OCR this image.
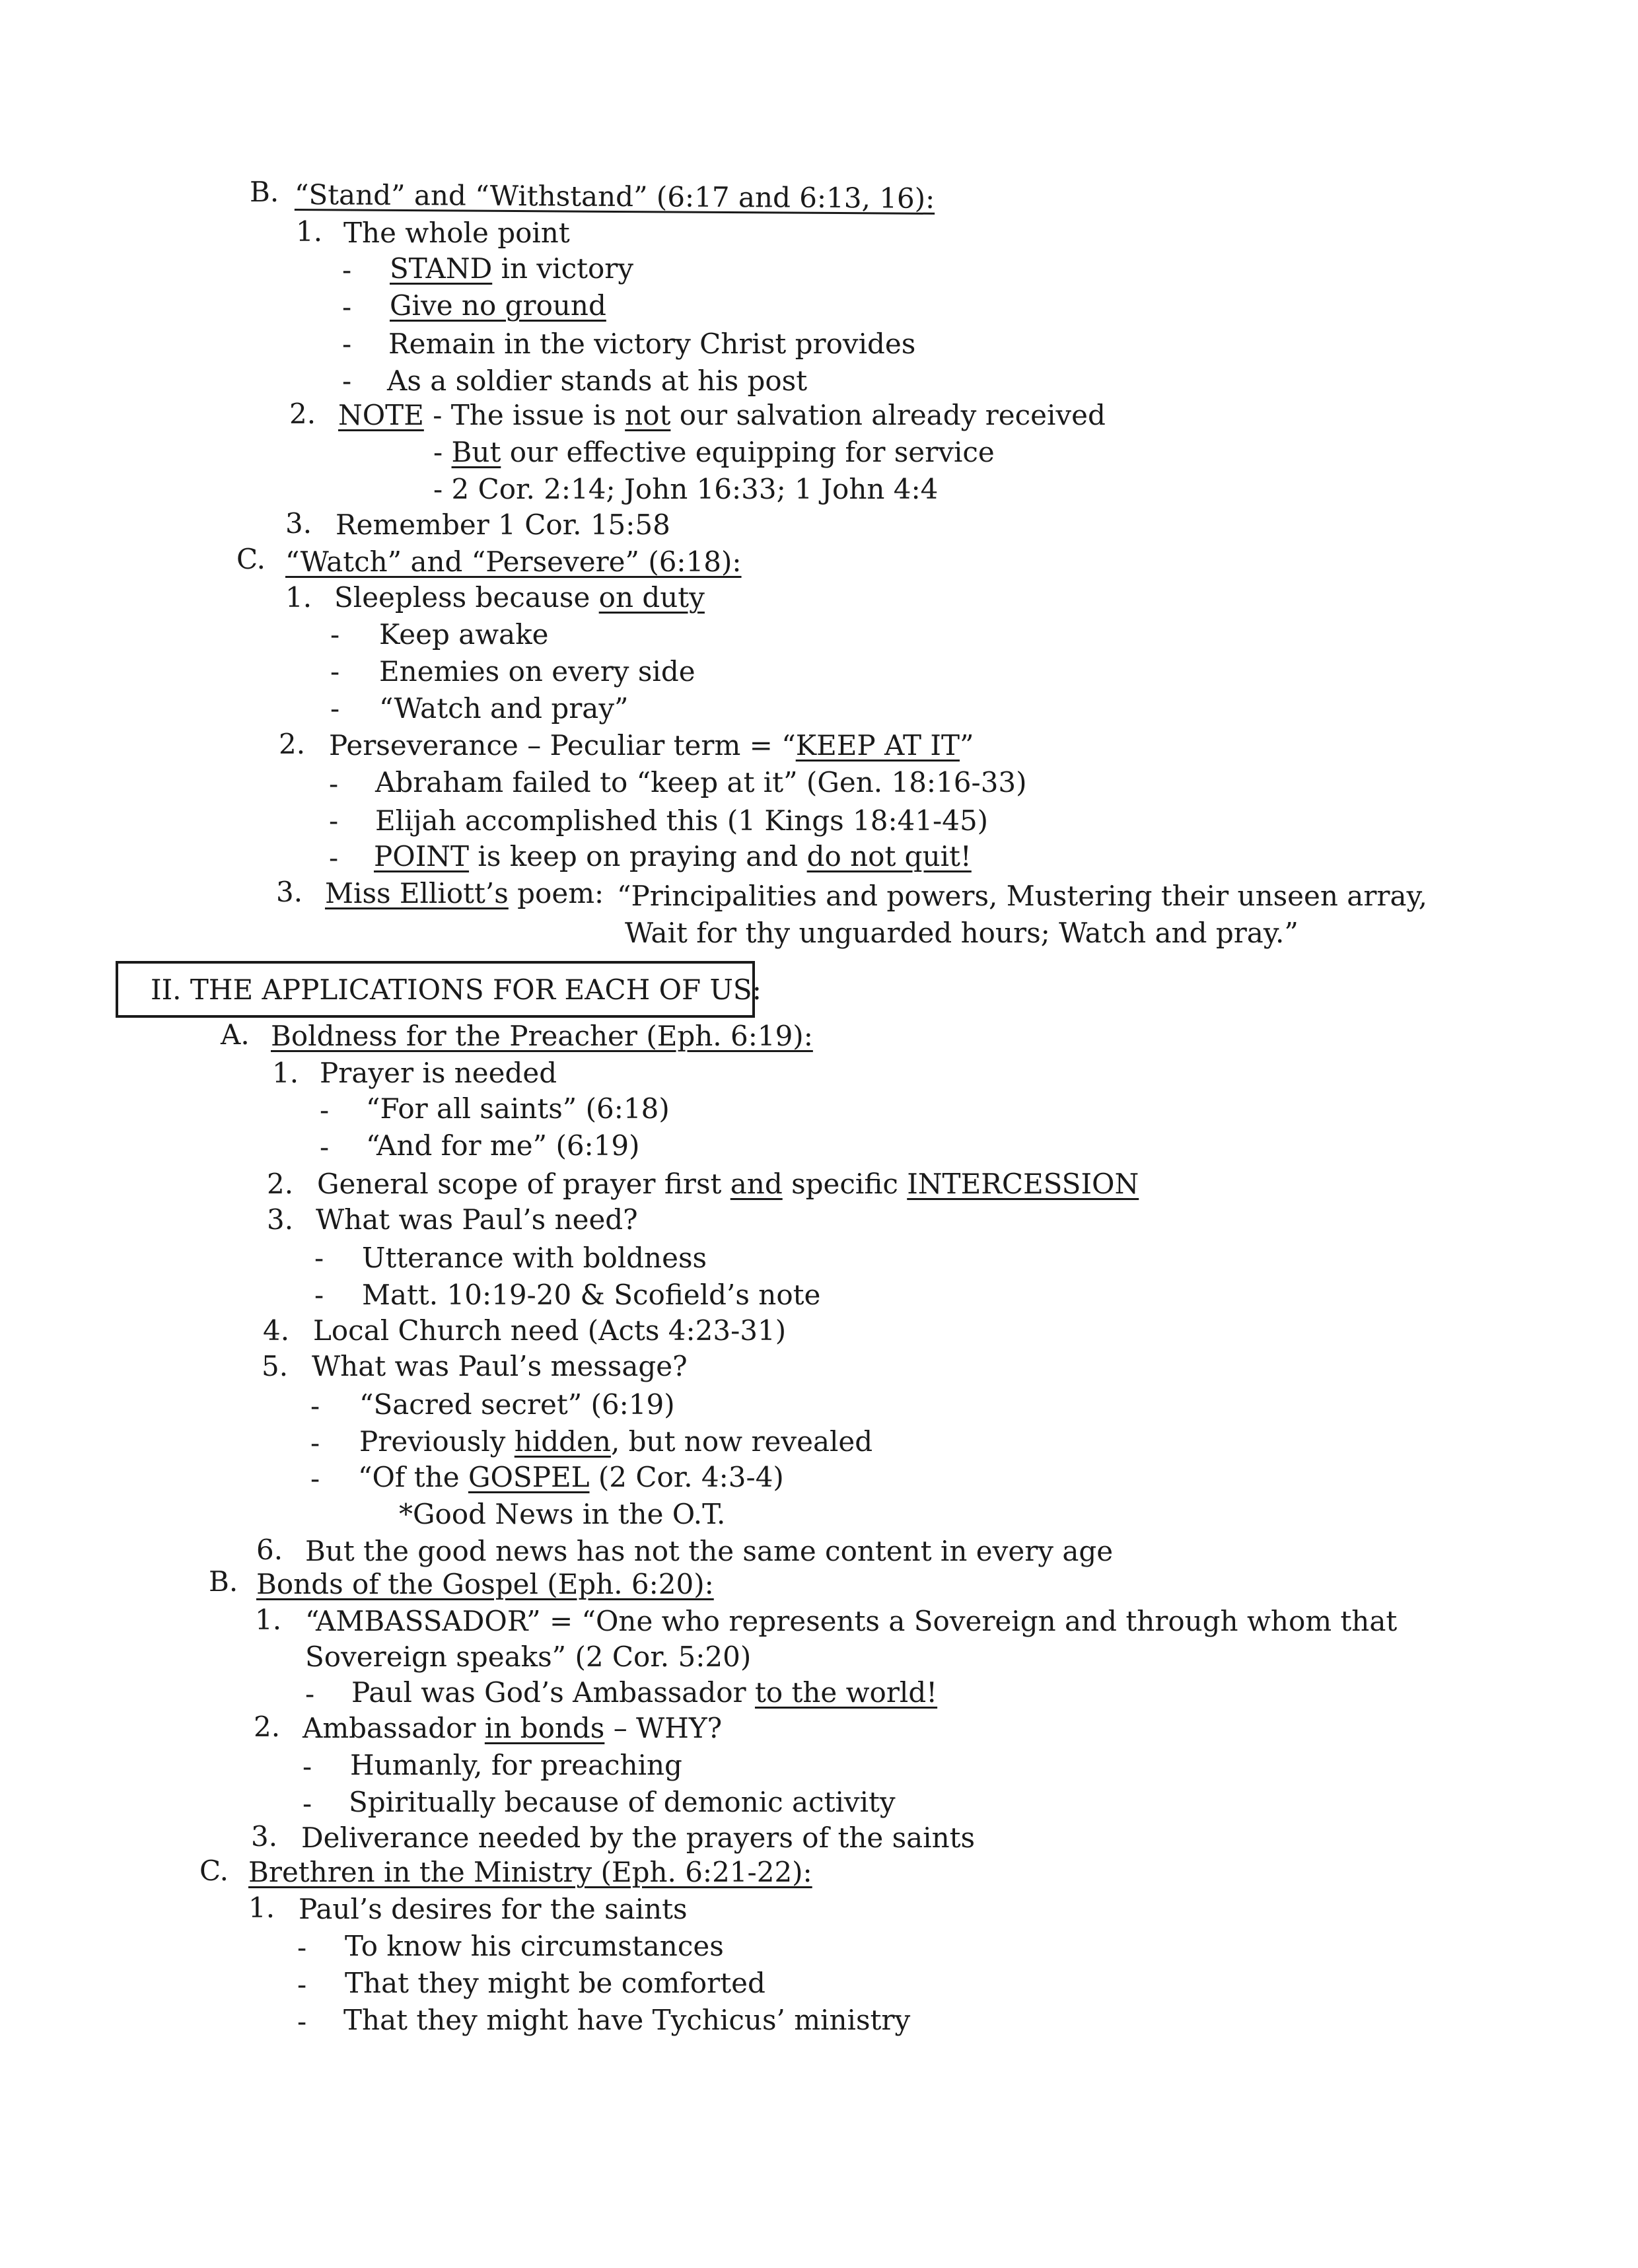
B. “Stand” and “Withstand” (6:17 and 6:13, 16):
1. The whole point
- STAND in victory
- Give no ground
- Remain in the victory Christ provides
- As a soldier stands at his post
2. NOTE - The issue is not our salvation already received
- But our effective equipping for service
- 2 Cor. 2:14; John 16:33; 1 John 4:4
3. Remember 1 Cor. 15:58
C. “Watch” and “Persevere” (6:18):
1. Sleepless because on duty
- Keep awake
- Enemies on every side
- “Watch and pray”
2. Perseverance – Peculiar term = “KEEP AT IT”
- Abraham failed to “keep at it” (Gen. 18:16-33)
- Elijah accomplished this (1 Kings 18:41-45)
- POINT is keep on praying and do not quit!
3. Miss Elliott’s poem: “Principalities and powers, Mustering their unseen array,
Wait for thy unguarded hours; Watch and pray.”
II. THE APPLICATIONS FOR EACH OF US:
A. Boldness for the Preacher (Eph. 6:19):
1. Prayer is needed
- “For all saints” (6:18)
- “And for me” (6:19)
2. General scope of prayer first and specific INTERCESSION
3. What was Paul’s need?
- Utterance with boldness
- Matt. 10:19-20 & Scofield’s note
4. Local Church need (Acts 4:23-31)
5. What was Paul’s message?
- “Sacred secret” (6:19)
- Previously hidden, but now revealed
- “Of the GOSPEL (2 Cor. 4:3-4)
*Good News in the O.T.
6. But the good news has not the same content in every age
B. Bonds of the Gospel (Eph. 6:20):
1. “AMBASSADOR” = “One who represents a Sovereign and through whom that
Sovereign speaks” (2 Cor. 5:20)
- Paul was God’s Ambassador to the world!
2. Ambassador in bonds – WHY?
- Humanly, for preaching
- Spiritually because of demonic activity
3. Deliverance needed by the prayers of the saints
C. Brethren in the Ministry (Eph. 6:21-22):
1. Paul’s desires for the saints
- To know his circumstances
- That they might be comforted
- That they might have Tychicus’ ministry
